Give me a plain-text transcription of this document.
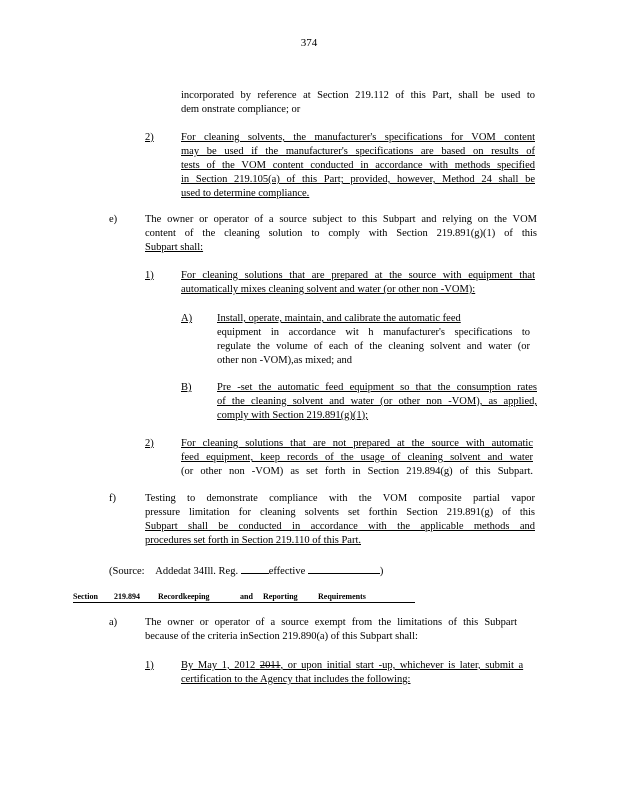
374
incorporated by reference at Section 219.112 of this Part, shall be used to
dem onstrate compliance; or
2)	For cleaning solvents, the manufacturer's specifications for VOM content
may be used if the manufacturer's specifications are based on results of
tests of the VOM content conducted in accordance with methods specified
in Section 219.105(a) of this Part; provided, however, Method 24 shall be
used to determine compliance.
e)	The owner or operator of a source subject to this Subpart and relying on the VOM
content of the cleaning solution to comply with Section 219.891(g)(1) of this
Subpart shall:
1)	For cleaning solutions that are prepared at the source with equipment that
automatically mixes cleaning solvent and water (or other non -VOM):
A) Install, operate, maintain, and calibrate the automatic feed
equipment in accordance wit h manufacturer's specifications to
regulate the volume of each of the cleaning solvent and water (or
other non -VOM),as mixed; and
B) Pre -set the automatic feed equipment so that the consumption rates
of the cleaning solvent and water (or other non -VOM), as applied,
comply with Section 219.891(g)(1);
2)	For cleaning solutions that are not prepared at the source with automatic
feed equipment, keep records of the usage of cleaning solvent and water
(or other non -VOM) as set forth in Section 219.894(g) of this Subpart.
f)	Testing to demonstrate compliance with the VOM composite partial vapor
pressure limitation for cleaning solvents set forthin Section 219.891(g) of this
Subpart shall be conducted in accordance with the applicable methods and
procedures set forth in Section 219.110 of this Part.
(Source: Addedat 34Ill. Reg.	effective	)
Section 219.894 Recordkeeping	and Reporting	Requirements
a)	The owner or operator of a source exempt from the limitations of this Subpart
because of the criteria inSection 219.890(a) of this Subpart shall:
1)	By May 1, 2012 2011, or upon initial start -up, whichever is later, submit a
certification to the Agency that includes the following:
